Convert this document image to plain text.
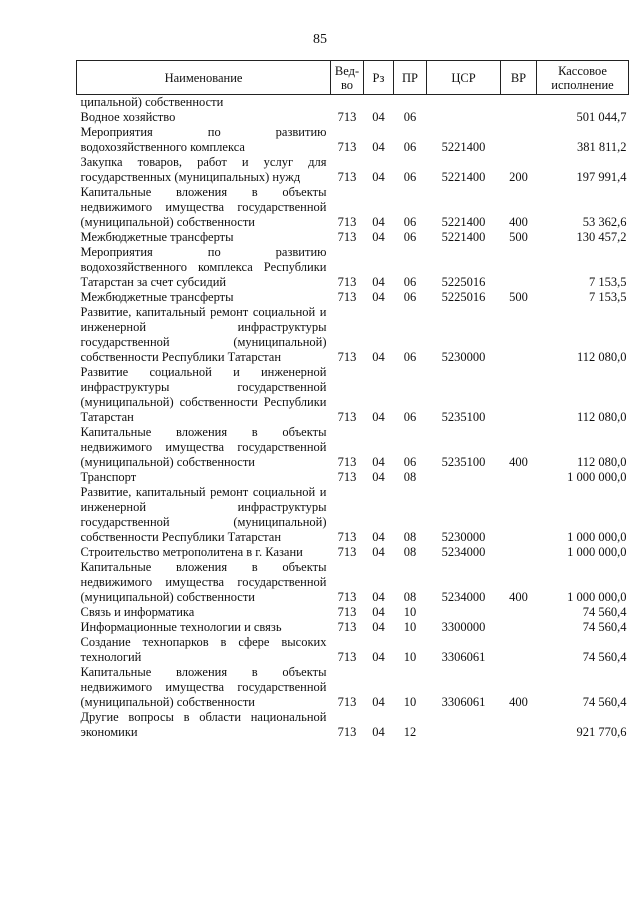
85
Наименование	Вед-во	Рз	ПР	ЦСР	ВР	Кассовое исполнение
ципальной) собственности						
Водное хозяйство	713	04	06			501 044,7
Мероприятия по развитию водохозяйственного комплекса	713	04	06	5221400		381 811,2
Закупка товаров, работ и услуг для государственных (муниципальных) нужд	713	04	06	5221400	200	197 991,4
Капитальные вложения в объекты недвижимого имущества государственной (муниципальной) собственности	713	04	06	5221400	400	53 362,6
Межбюджетные трансферты	713	04	06	5221400	500	130 457,2
Мероприятия по развитию водохозяйственного комплекса Республики Татарстан за счет субсидий	713	04	06	5225016		7 153,5
Межбюджетные трансферты	713	04	06	5225016	500	7 153,5
Развитие, капитальный ремонт социальной и инженерной инфраструктуры государственной (муниципальной) собственности Республики Татарстан	713	04	06	5230000		112 080,0
Развитие социальной и инженерной инфраструктуры государственной (муниципальной) собственности Республики Татарстан	713	04	06	5235100		112 080,0
Капитальные вложения в объекты недвижимого имущества государственной (муниципальной) собственности	713	04	06	5235100	400	112 080,0
Транспорт	713	04	08			1 000 000,0
Развитие, капитальный ремонт социальной и инженерной инфраструктуры государственной (муниципальной) собственности Республики Татарстан	713	04	08	5230000		1 000 000,0
Строительство метрополитена в г. Казани	713	04	08	5234000		1 000 000,0
Капитальные вложения в объекты недвижимого имущества государственной (муниципальной) собственности	713	04	08	5234000	400	1 000 000,0
Связь и информатика	713	04	10			74 560,4
Информационные технологии и связь	713	04	10	3300000		74 560,4
Создание технопарков в сфере высоких технологий	713	04	10	3306061		74 560,4
Капитальные вложения в объекты недвижимого имущества государственной (муниципальной) собственности	713	04	10	3306061	400	74 560,4
Другие вопросы в области национальной экономики	713	04	12			921 770,6
